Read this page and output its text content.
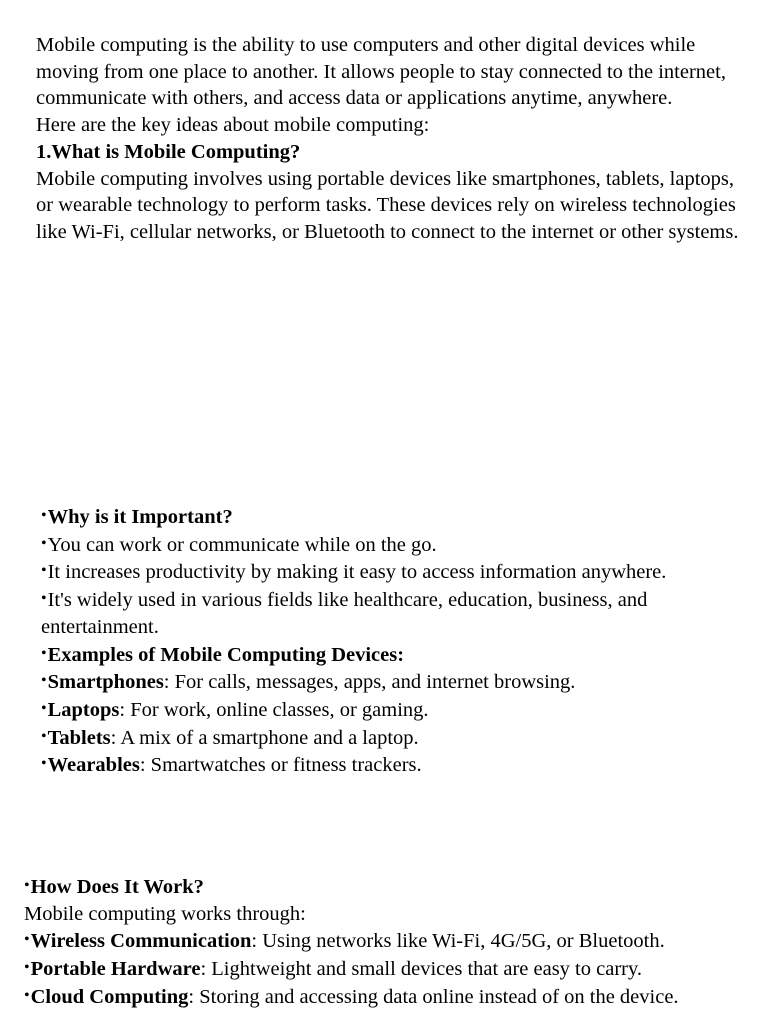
Mobile computing is the ability to use computers and other digital devices while moving from one place to another. It allows people to stay connected to the internet, communicate with others, and access data or applications anytime, anywhere.

Here are the key ideas about mobile computing:

1.What is Mobile Computing?

Mobile computing involves using portable devices like smartphones, tablets, laptops, or wearable technology to perform tasks. These devices rely on wireless technologies like Wi-Fi, cellular networks, or Bluetooth to connect to the internet or other systems.

•Why is it Important?

•You can work or communicate while on the go.

•It increases productivity by making it easy to access information anywhere.

•It's widely used in various fields like healthcare, education, business, and entertainment.

•Examples of Mobile Computing Devices:

•Smartphones: For calls, messages, apps, and internet browsing.

•Laptops: For work, online classes, or gaming.

•Tablets: A mix of a smartphone and a laptop.

•Wearables: Smartwatches or fitness trackers.

•How Does It Work?

Mobile computing works through:

•Wireless Communication: Using networks like Wi-Fi, 4G/5G, or Bluetooth.

•Portable Hardware: Lightweight and small devices that are easy to carry.

•Cloud Computing: Storing and accessing data online instead of on the device.
